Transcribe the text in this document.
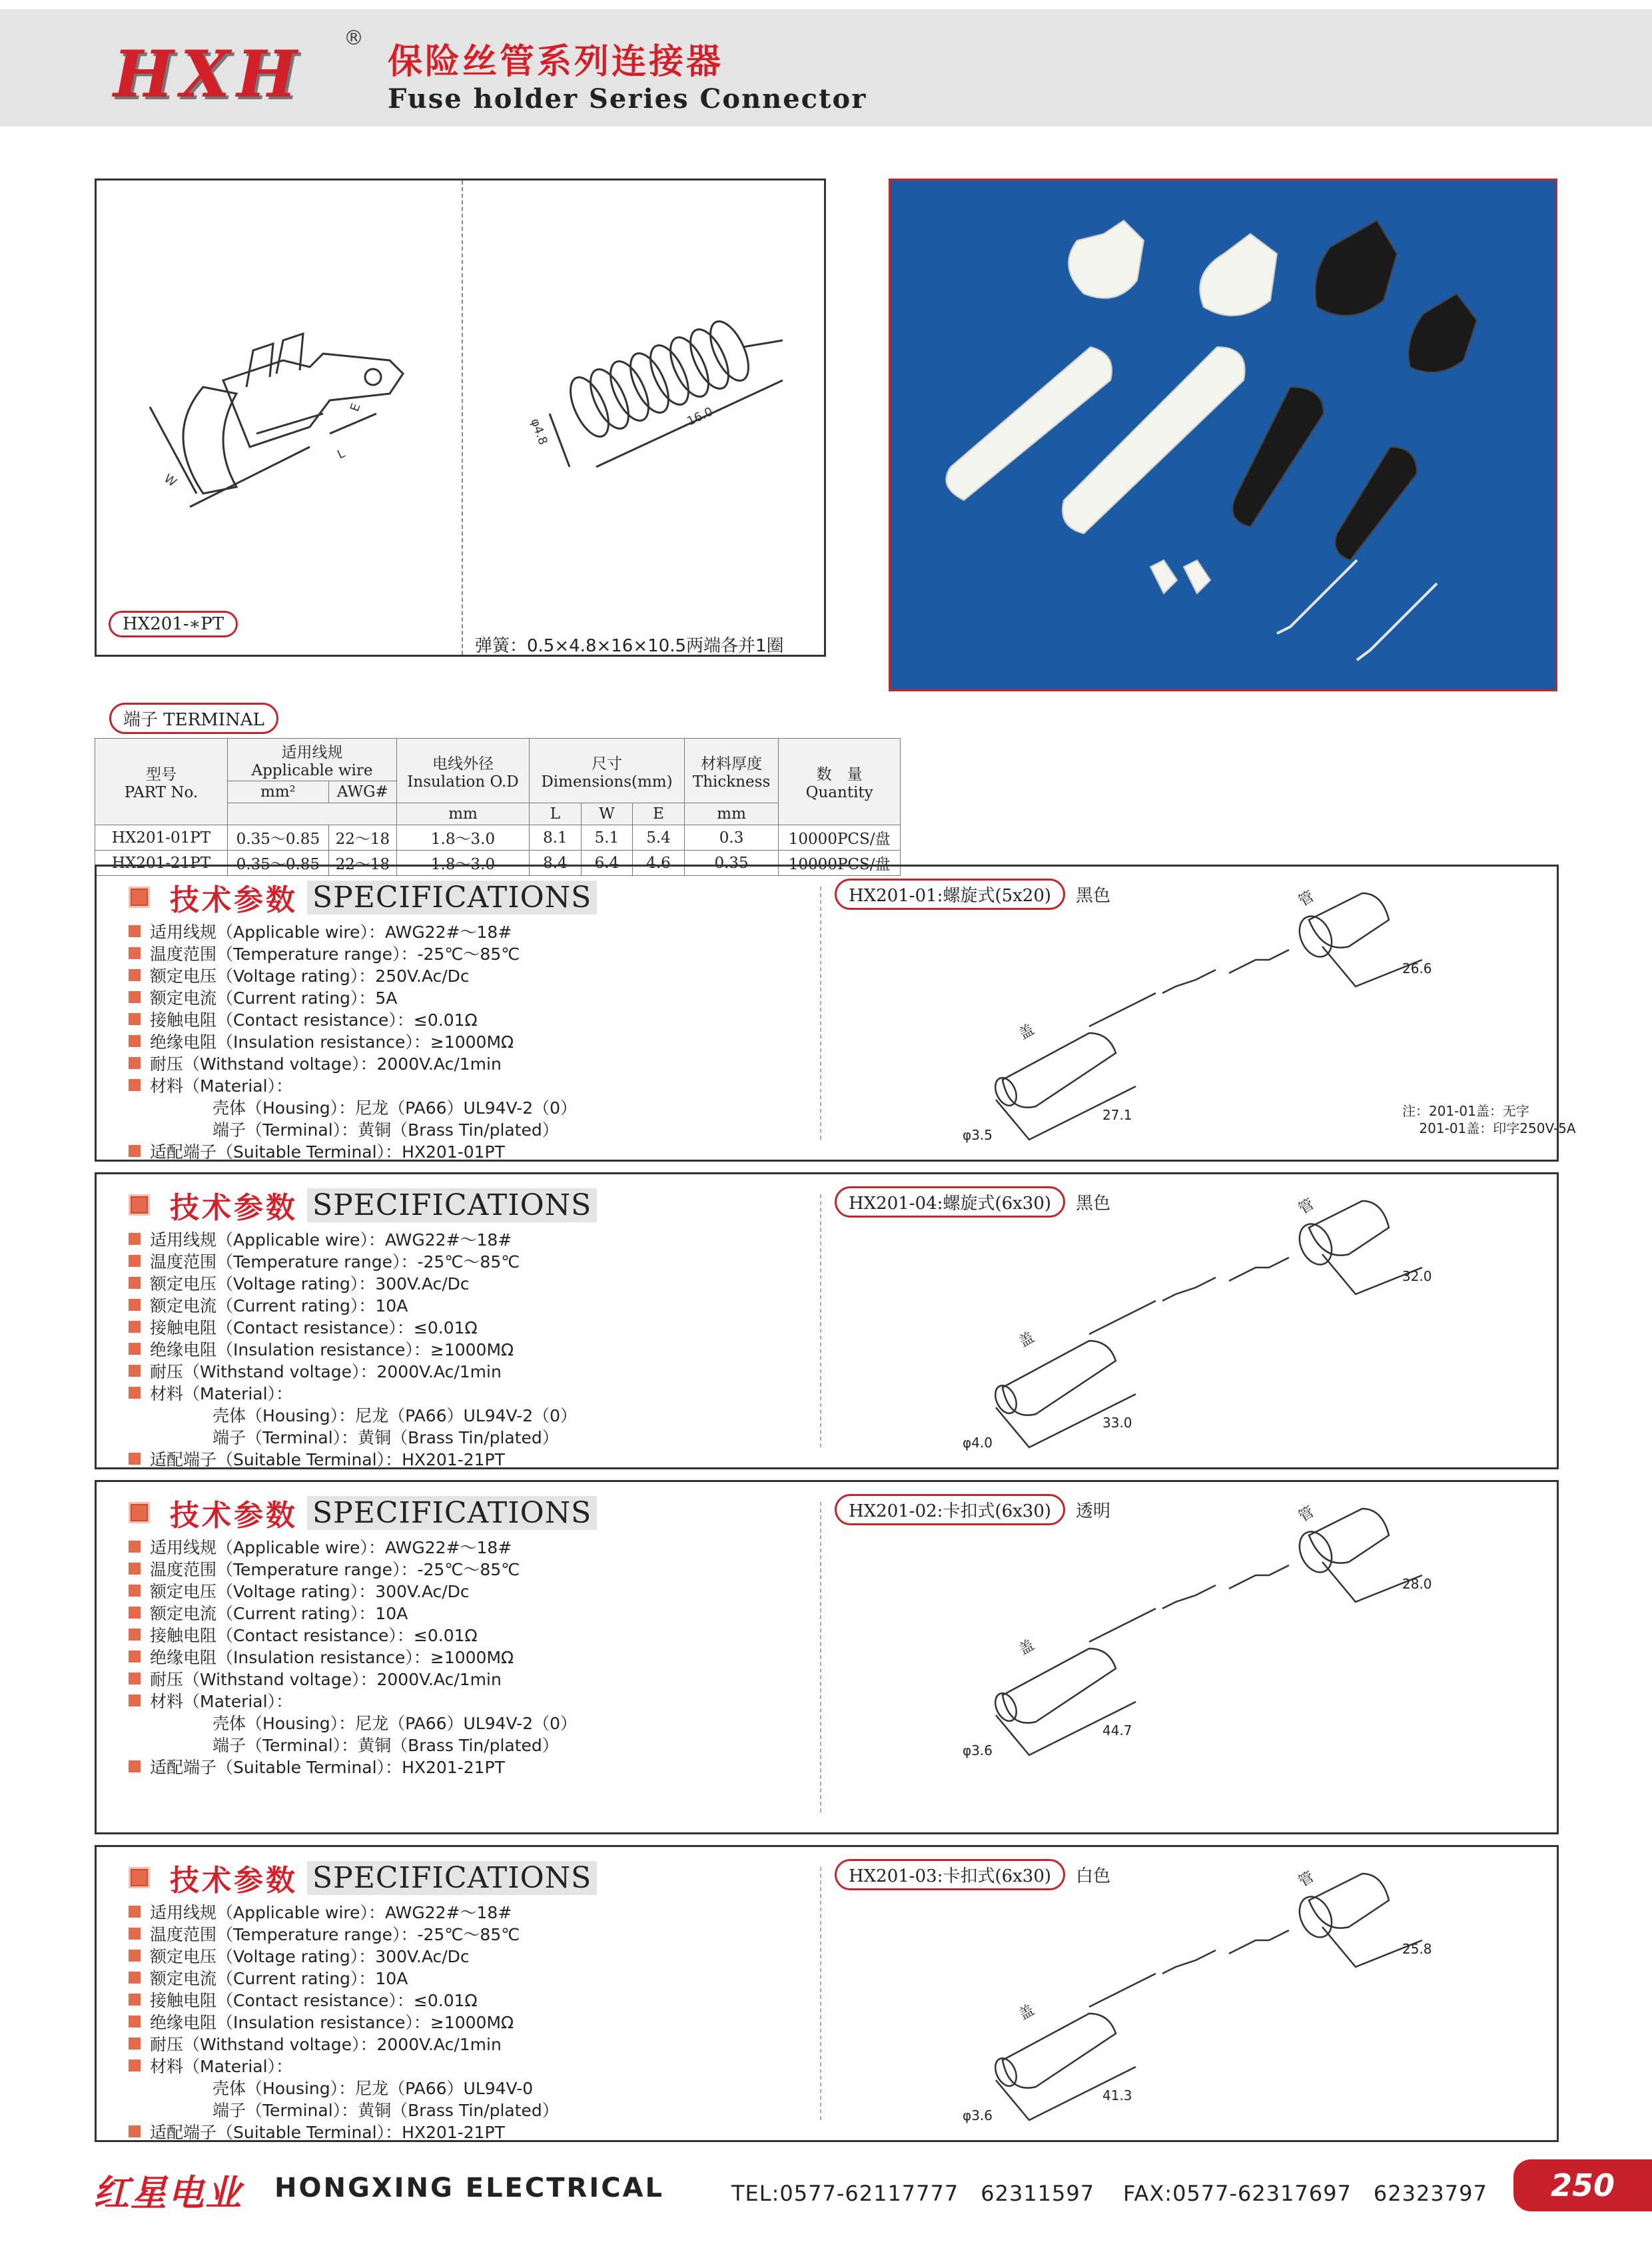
HXH ®
保险丝管系列连接器
Fuse holder Series Connector
W
E
L
HX201-∗PT
φ4.8	16.0
弹簧：0.5×4.8×16×10.5两端各并1圈
端子 TERMINAL
型号
PART No.	适用线规
Applicable wire		电线外径
Insulation O.D	尺寸
Dimensions(mm)			材料厚度
Thickness	数　量
Quantity
	mm²	AWG#						
			mm	L	W	E	mm	
HX201-01PT	0.35～0.85	22～18	1.8～3.0	8.1	5.1	5.4	0.3	10000PCS/盘
HX201-21PT	0.35～0.85	22～18	1.8～3.0	8.4	6.4	4.6	0.35	10000PCS/盘
技术参数 SPECIFICATIONS
适用线规（Applicable wire）：AWG22#～18#
温度范围（Temperature range）：-25℃～85℃
额定电压（Voltage rating）：250V.Ac/Dc
额定电流（Current rating）：5A
接触电阻（Contact resistance）：≤0.01Ω
绝缘电阻（Insulation resistance）：≥1000MΩ
耐压（Withstand voltage）：2000V.Ac/1min
材料（Material）：
壳体（Housing）：尼龙（PA66）UL94V-2（0）
端子（Terminal）：黄铜（Brass Tin/plated）
适配端子（Suitable Terminal）：HX201-01PT
HX201-01:螺旋式(5x20)	黑色	管
盖
26.6
27.1
φ3.5
注：201-01盖：无字
201-01盖：印字250V-5A
技术参数 SPECIFICATIONS
适用线规（Applicable wire）：AWG22#～18#
温度范围（Temperature range）：-25℃～85℃
额定电压（Voltage rating）：300V.Ac/Dc
额定电流（Current rating）：10A
接触电阻（Contact resistance）：≤0.01Ω
绝缘电阻（Insulation resistance）：≥1000MΩ
耐压（Withstand voltage）：2000V.Ac/1min
材料（Material）：
壳体（Housing）：尼龙（PA66）UL94V-2（0）
端子（Terminal）：黄铜（Brass Tin/plated）
适配端子（Suitable Terminal）：HX201-21PT
HX201-04:螺旋式(6x30)	黑色	管
盖
32.0
33.0
φ4.0
技术参数 SPECIFICATIONS
适用线规（Applicable wire）：AWG22#～18#
温度范围（Temperature range）：-25℃～85℃
额定电压（Voltage rating）：300V.Ac/Dc
额定电流（Current rating）：10A
接触电阻（Contact resistance）：≤0.01Ω
绝缘电阻（Insulation resistance）：≥1000MΩ
耐压（Withstand voltage）：2000V.Ac/1min
材料（Material）：
壳体（Housing）：尼龙（PA66）UL94V-2（0）
端子（Terminal）：黄铜（Brass Tin/plated）
适配端子（Suitable Terminal）：HX201-21PT
HX201-02:卡扣式(6x30)	透明	管
盖
28.0
44.7
φ3.6
技术参数 SPECIFICATIONS
适用线规（Applicable wire）：AWG22#～18#
温度范围（Temperature range）：-25℃～85℃
额定电压（Voltage rating）：300V.Ac/Dc
额定电流（Current rating）：10A
接触电阻（Contact resistance）：≤0.01Ω
绝缘电阻（Insulation resistance）：≥1000MΩ
耐压（Withstand voltage）：2000V.Ac/1min
材料（Material）：
壳体（Housing）：尼龙（PA66）UL94V-0
端子（Terminal）：黄铜（Brass Tin/plated）
适配端子（Suitable Terminal）：HX201-21PT
HX201-03:卡扣式(6x30)	白色	管
盖
25.8
41.3
φ3.6
红星电业 HONGXING ELECTRICAL	TEL:0577-62117777　62311597 FAX:0577-62317697　62323797	250
